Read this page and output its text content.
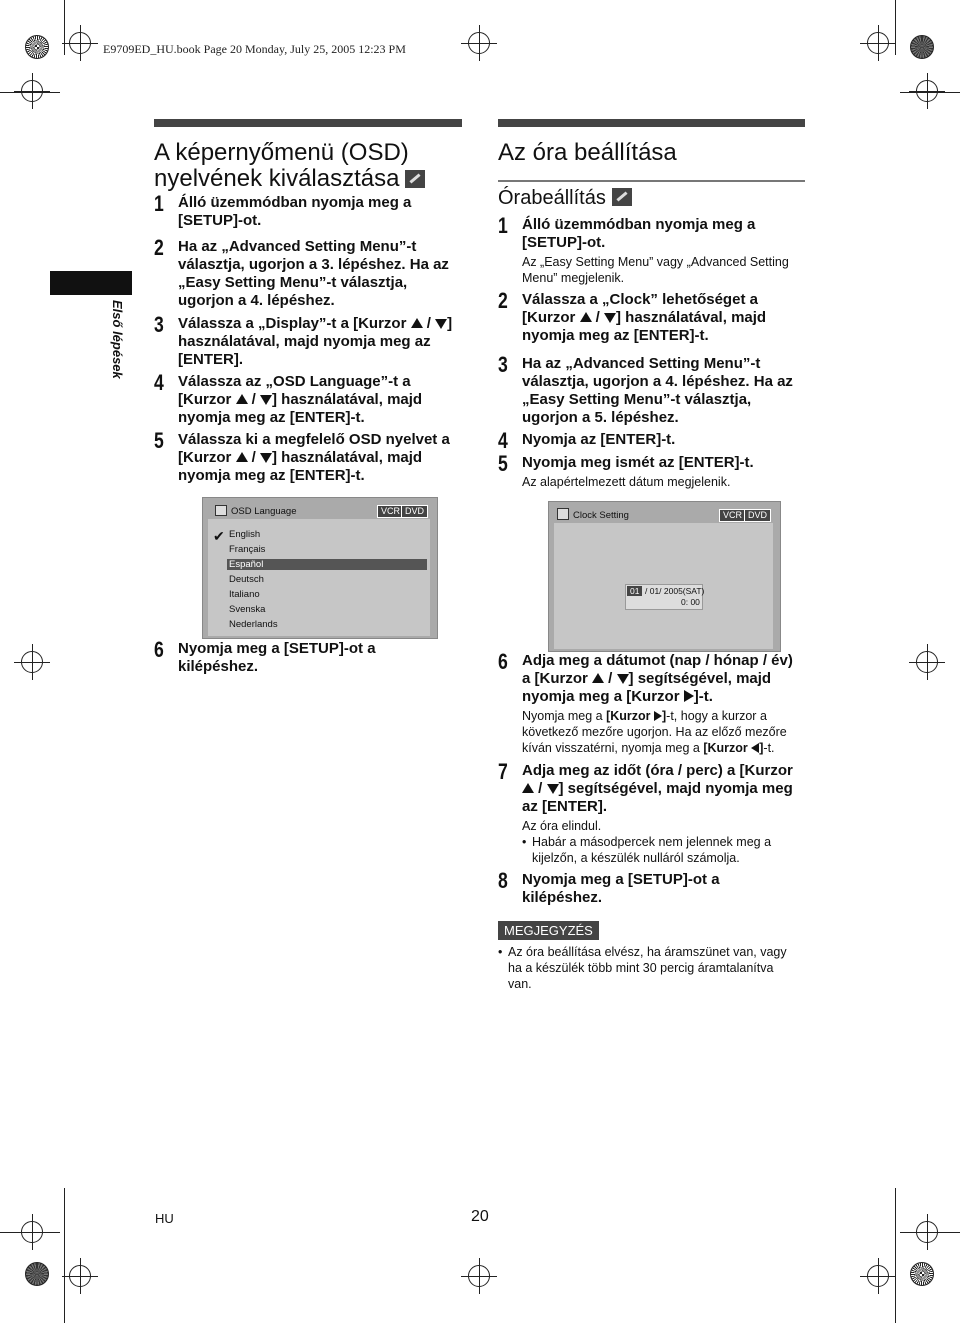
E9709ED_HU.book Page 20 Monday, July 25, 2005 12:23 PM
Első lépések
A képernyőmenü (OSD)
nyelvének kiválasztása
1 Álló üzemmódban nyomja meg a [SETUP]-ot.
2 Ha az „Advanced Setting Menu”-t választja, ugorjon a 3. lépéshez. Ha az „Easy Setting Menu”-t választja, ugorjon a 4. lépéshez.
3 Válassza a „Display”-t a [Kurzor  / ] használatával, majd nyomja meg az [ENTER].
4 Válassza az „OSD Language”-t a [Kurzor  / ] használatával, majd nyomja meg az [ENTER]-t.
5 Válassza ki a megfelelő OSD nyelvet a [Kurzor  / ] használatával, majd nyomja meg az [ENTER]-t.
OSD Language	VCR DVD
✔ English
Français
Español
Deutsch
Italiano
Svenska
Nederlands
6 Nyomja meg a [SETUP]-ot a kilépéshez.
Az óra beállítása
Órabeállítás
1 Álló üzemmódban nyomja meg a [SETUP]-ot.
Az „Easy Setting Menu” vagy „Advanced Setting Menu” megjelenik.
2 Válassza a „Clock” lehetőséget a [Kurzor  / ] használatával, majd nyomja meg az [ENTER]-t.
3 Ha az „Advanced Setting Menu”-t választja, ugorjon a 4. lépéshez. Ha az „Easy Setting Menu”-t választja, ugorjon a 5. lépéshez.
4 Nyomja az [ENTER]-t.
5 Nyomja meg ismét az [ENTER]-t.
Az alapértelmezett dátum megjelenik.
Clock Setting	VCR DVD
01 / 01/ 2005(SAT)
0: 00
6 Adja meg a dátumot (nap / hónap / év) a [Kurzor  / ] segítségével, majd nyomja meg a [Kurzor ]-t.
Nyomja meg a [Kurzor ]-t, hogy a kurzor a következő mezőre ugorjon. Ha az előző mezőre kíván visszatérni, nyomja meg a [Kurzor ]-t.
7 Adja meg az időt (óra / perc) a [Kurzor  / ] segítségével, majd nyomja meg az [ENTER].
Az óra elindul.
• Habár a másodpercek nem jelennek meg a kijelzőn, a készülék nulláról számolja.
8 Nyomja meg a [SETUP]-ot a kilépéshez.
MEGJEGYZÉS
• Az óra beállítása elvész, ha áramszünet van, vagy ha a készülék több mint 30 percig áramtalanítva van.
HU	20
